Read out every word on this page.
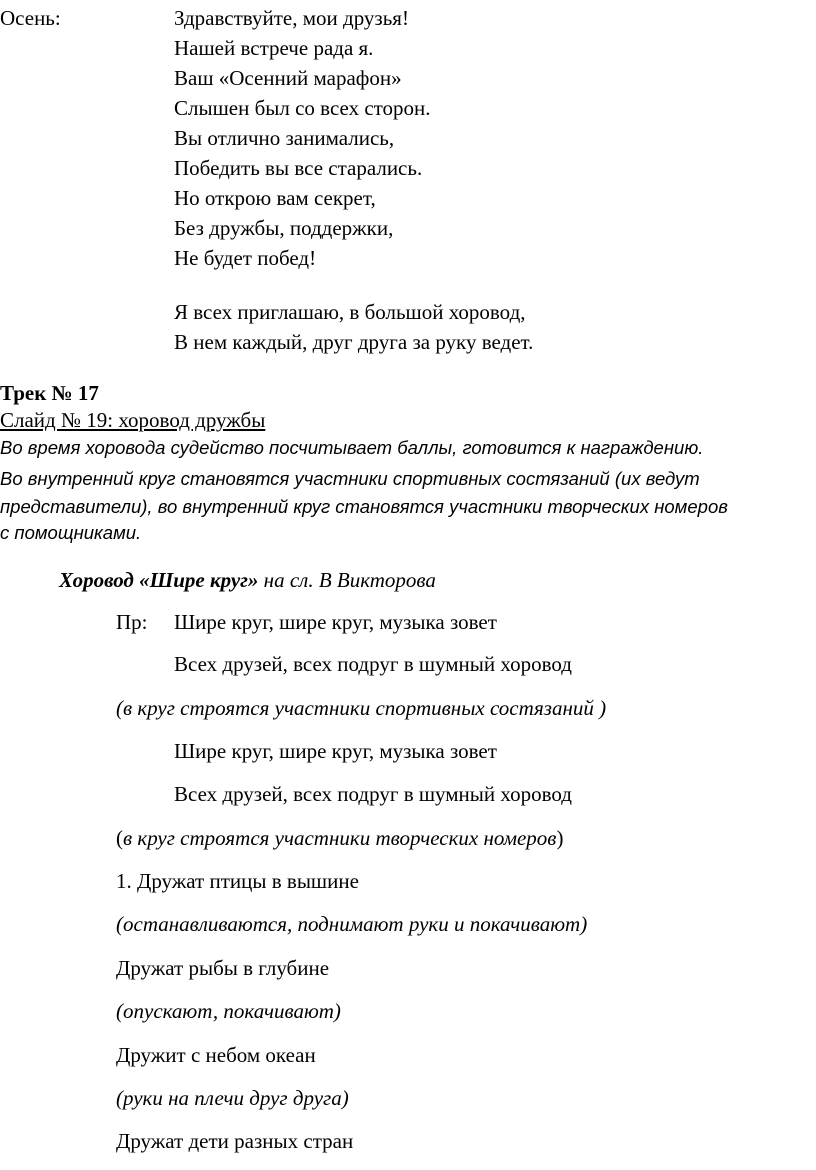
Осень:	Здравствуйте, мои друзья!
Нашей встрече рада я.
Ваш «Осенний марафон»
Слышен был со всех сторон.
Вы отлично занимались,
Победить вы все старались.
Но открою вам секрет,
Без дружбы, поддержки,
Не будет побед!
Я всех приглашаю, в большой хоровод,
В нем каждый, друг друга за руку ведет.
Трек № 17
Слайд № 19: хоровод дружбы
Во время хоровода судейство посчитывает баллы, готовится к награждению.
Во внутренний круг становятся участники спортивных состязаний (их ведут
представители), во внутренний круг становятся участники творческих номеров
с помощниками.
Хоровод «Шире круг» на сл. В Викторова
Пр: Шире круг, шире круг, музыка зовет
Всех друзей, всех подруг в шумный хоровод
(в круг строятся участники спортивных состязаний )
Шире круг, шире круг, музыка зовет
Всех друзей, всех подруг в шумный хоровод
(в круг строятся участники творческих номеров)
1. Дружат птицы в вышине
(останавливаются, поднимают руки и покачивают)
Дружат рыбы в глубине
(опускают, покачивают)
Дружит с небом океан
(руки на плечи друг друга)
Дружат дети разных стран
